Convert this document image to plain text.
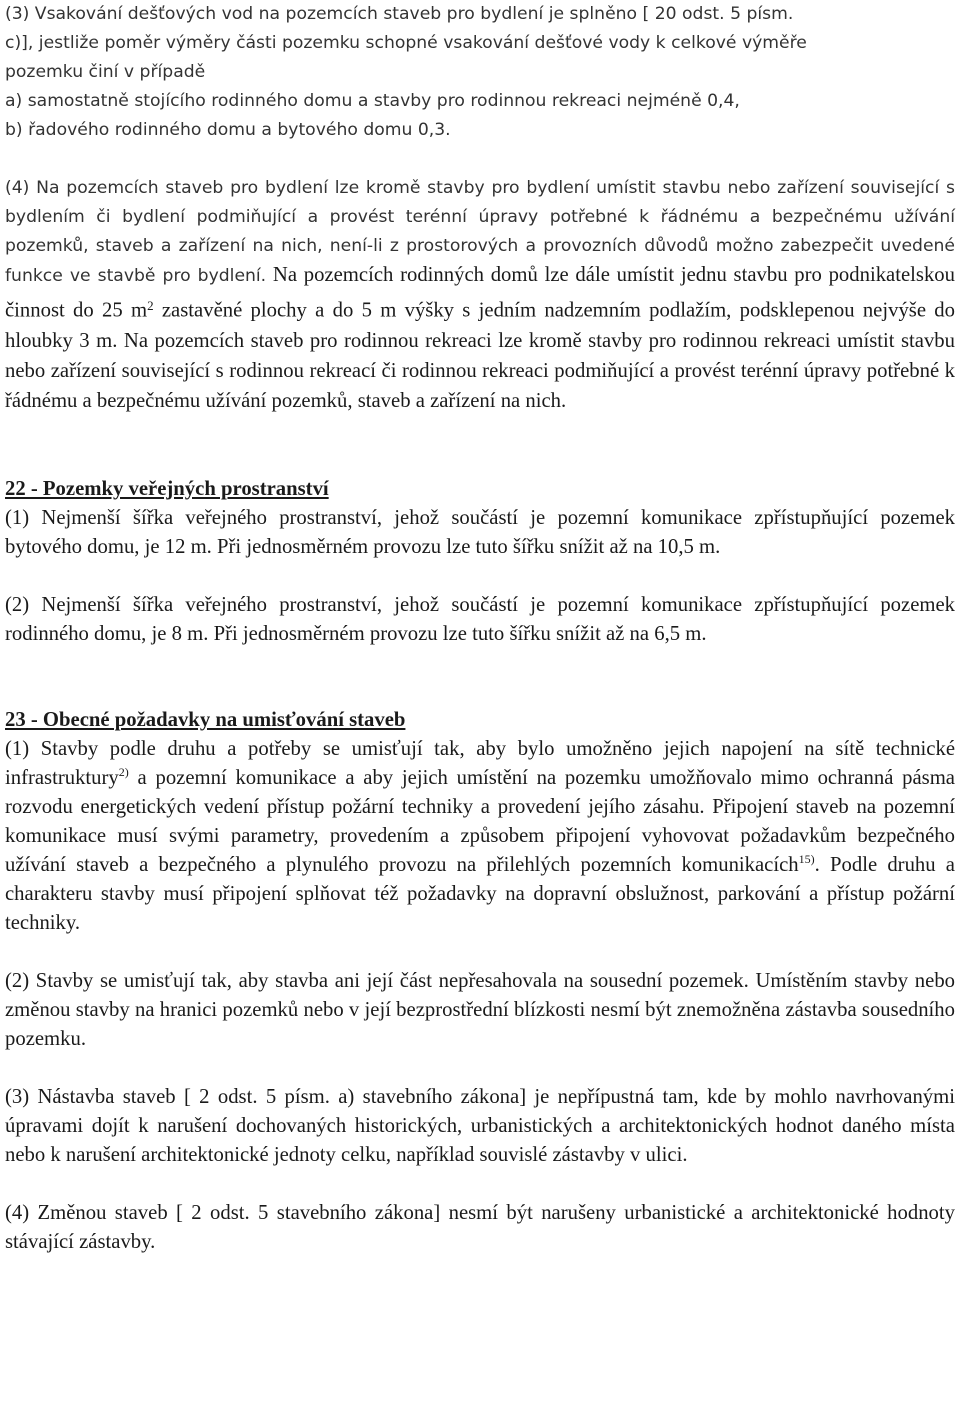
(3) Vsakování dešťových vod na pozemcích staveb pro bydlení je splněno [ 20 odst. 5 písm.

c)], jestliže poměr výměry části pozemku schopné vsakování dešťové vody k celkové výměře

pozemku činí v případě

a) samostatně stojícího rodinného domu a stavby pro rodinnou rekreaci nejméně 0,4,

b) řadového rodinného domu a bytového domu 0,3.

(4) Na pozemcích staveb pro bydlení lze kromě stavby pro bydlení umístit stavbu nebo zařízení související s bydlením či bydlení podmiňující a provést terénní úpravy potřebné k řádnému a bezpečnému užívání pozemků, staveb a zařízení na nich, není-li z prostorových a provozních důvodů možno zabezpečit uvedené funkce ve stavbě pro bydlení. Na pozemcích rodinných domů lze dále umístit jednu stavbu pro podnikatelskou činnost do 25 $m^2$ zastavěné plochy a do 5 m výšky s jedním nadzemním podlažím, podsklepenou nejvýše do hloubky 3 m. Na pozemcích staveb pro rodinnou rekreaci lze kromě stavby pro rodinnou rekreaci umístit stavbu nebo zařízení související s rodinnou rekreací či rodinnou rekreaci podmiňující a provést terénní úpravy potřebné k řádnému a bezpečnému užívání pozemků, staveb a zařízení na nich.

22 - Pozemky veřejných prostranství

(1) Nejmenší šířka veřejného prostranství, jehož součástí je pozemní komunikace zpřístupňující pozemek bytového domu, je 12 m. Při jednosměrném provozu lze tuto šířku snížit až na 10,5 m.

(2) Nejmenší šířka veřejného prostranství, jehož součástí je pozemní komunikace zpřístupňující pozemek rodinného domu, je 8 m. Při jednosměrném provozu lze tuto šířku snížit až na 6,5 m.

23 - Obecné požadavky na umisťování staveb

(1) Stavby podle druhu a potřeby se umisťují tak, aby bylo umožněno jejich napojení na sítě technické infrastruktury$^{2)}$ a pozemní komunikace a aby jejich umístění na pozemku umožňovalo mimo ochranná pásma rozvodu energetických vedení přístup požární techniky a provedení jejího zásahu. Připojení staveb na pozemní komunikace musí svými parametry, provedením a způsobem připojení vyhovovat požadavkům bezpečného užívání staveb a bezpečného a plynulého provozu na přilehlých pozemních komunikacích$^{15)}$. Podle druhu a charakteru stavby musí připojení splňovat též požadavky na dopravní obslužnost, parkování a přístup požární techniky.

(2) Stavby se umisťují tak, aby stavba ani její část nepřesahovala na sousední pozemek. Umístěním stavby nebo změnou stavby na hranici pozemků nebo v její bezprostřední blízkosti nesmí být znemožněna zástavba sousedního pozemku.

(3) Nástavba staveb [ 2 odst. 5 písm. a) stavebního zákona] je nepřípustná tam, kde by mohlo navrhovanými úpravami dojít k narušení dochovaných historických, urbanistických a architektonických hodnot daného místa nebo k narušení architektonické jednoty celku, například souvislé zástavby v ulici.

(4) Změnou staveb [ 2 odst. 5 stavebního zákona] nesmí být narušeny urbanistické a architektonické hodnoty stávající zástavby.
